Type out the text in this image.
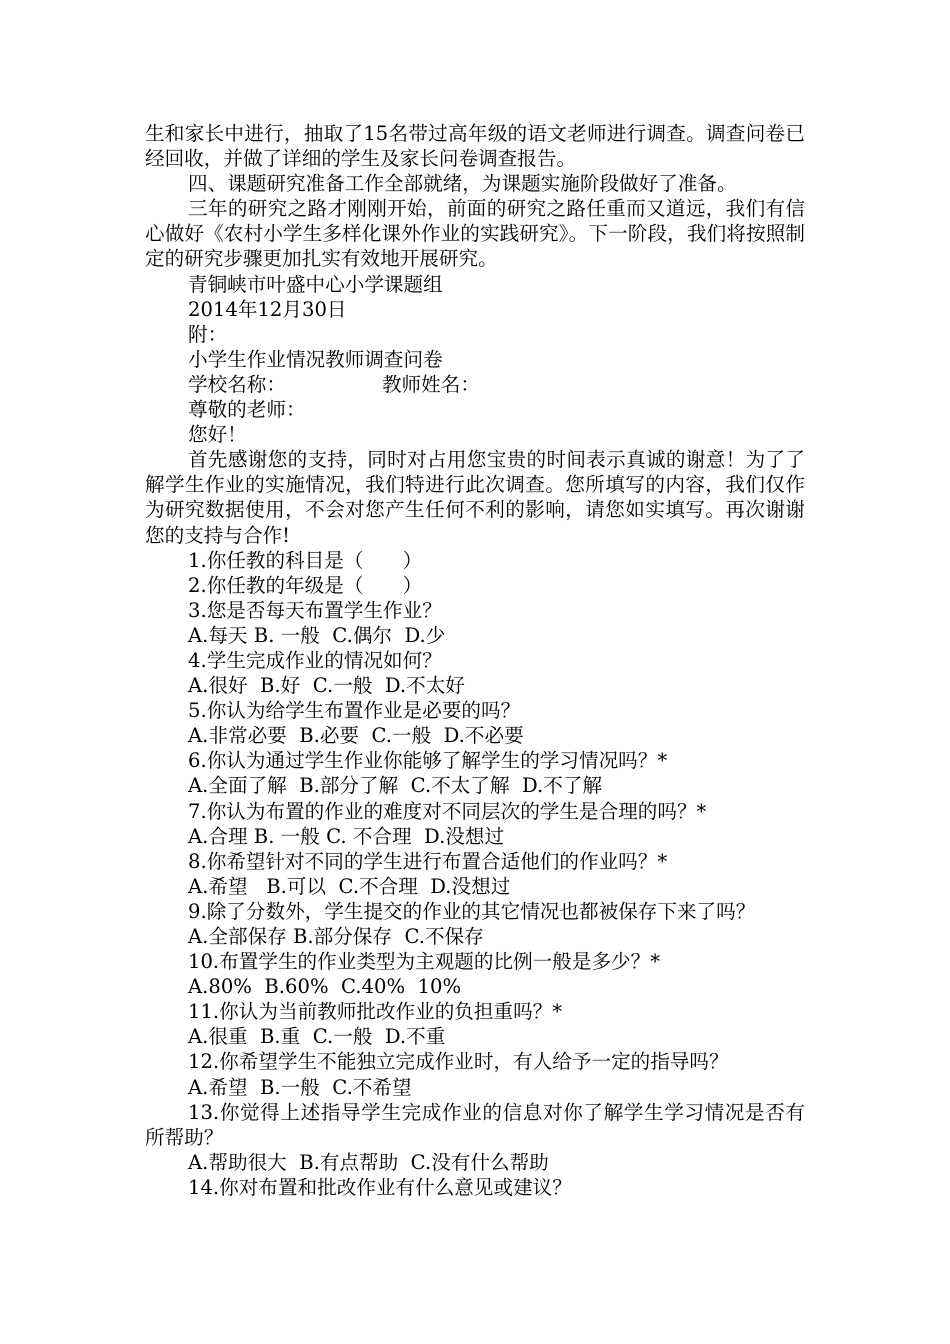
生和家长中进行，抽取了15名带过高年级的语文老师进行调查。调查问卷已经回收，并做了详细的学生及家长问卷调查报告。

四、课题研究准备工作全部就绪，为课题实施阶段做好了准备。

三年的研究之路才刚刚开始，前面的研究之路任重而又道远，我们有信心做好《农村小学生多样化课外作业的实践研究》。下一阶段，我们将按照制定的研究步骤更加扎实有效地开展研究。

青铜峡市叶盛中心小学课题组

2014年12月30日

附：

小学生作业情况教师调查问卷

学校名称：	教师姓名：

尊敬的老师：

您好！

首先感谢您的支持，同时对占用您宝贵的时间表示真诚的谢意！为了了解学生作业的实施情况，我们特进行此次调查。您所填写的内容，我们仅作为研究数据使用，不会对您产生任何不利的影响，请您如实填写。再次谢谢您的支持与合作!

1.你任教的科目是（　　）

2.你任教的年级是（　　）

3.您是否每天布置学生作业？

A.每天 B. 一般  C.偶尔  D.少

4.学生完成作业的情况如何？

A.很好  B.好  C.一般  D.不太好

5.你认为给学生布置作业是必要的吗？

A.非常必要  B.必要  C.一般  D.不必要

6.你认为通过学生作业你能够了解学生的学习情况吗？*

A.全面了解  B.部分了解  C.不太了解  D.不了解

7.你认为布置的作业的难度对不同层次的学生是合理的吗？*

A.合理 B. 一般 C. 不合理  D.没想过

8.你希望针对不同的学生进行布置合适他们的作业吗？*

A.希望   B.可以  C.不合理  D.没想过

9.除了分数外，学生提交的作业的其它情况也都被保存下来了吗？

A.全部保存 B.部分保存  C.不保存

10.布置学生的作业类型为主观题的比例一般是多少？*

A.80%  B.60%  C.40%  10%

11.你认为当前教师批改作业的负担重吗？*

A.很重  B.重  C.一般  D.不重

12.你希望学生不能独立完成作业时，有人给予一定的指导吗？

A.希望  B.一般  C.不希望

13.你觉得上述指导学生完成作业的信息对你了解学生学习情况是否有所帮助？

A.帮助很大  B.有点帮助  C.没有什么帮助

14.你对布置和批改作业有什么意见或建议？
